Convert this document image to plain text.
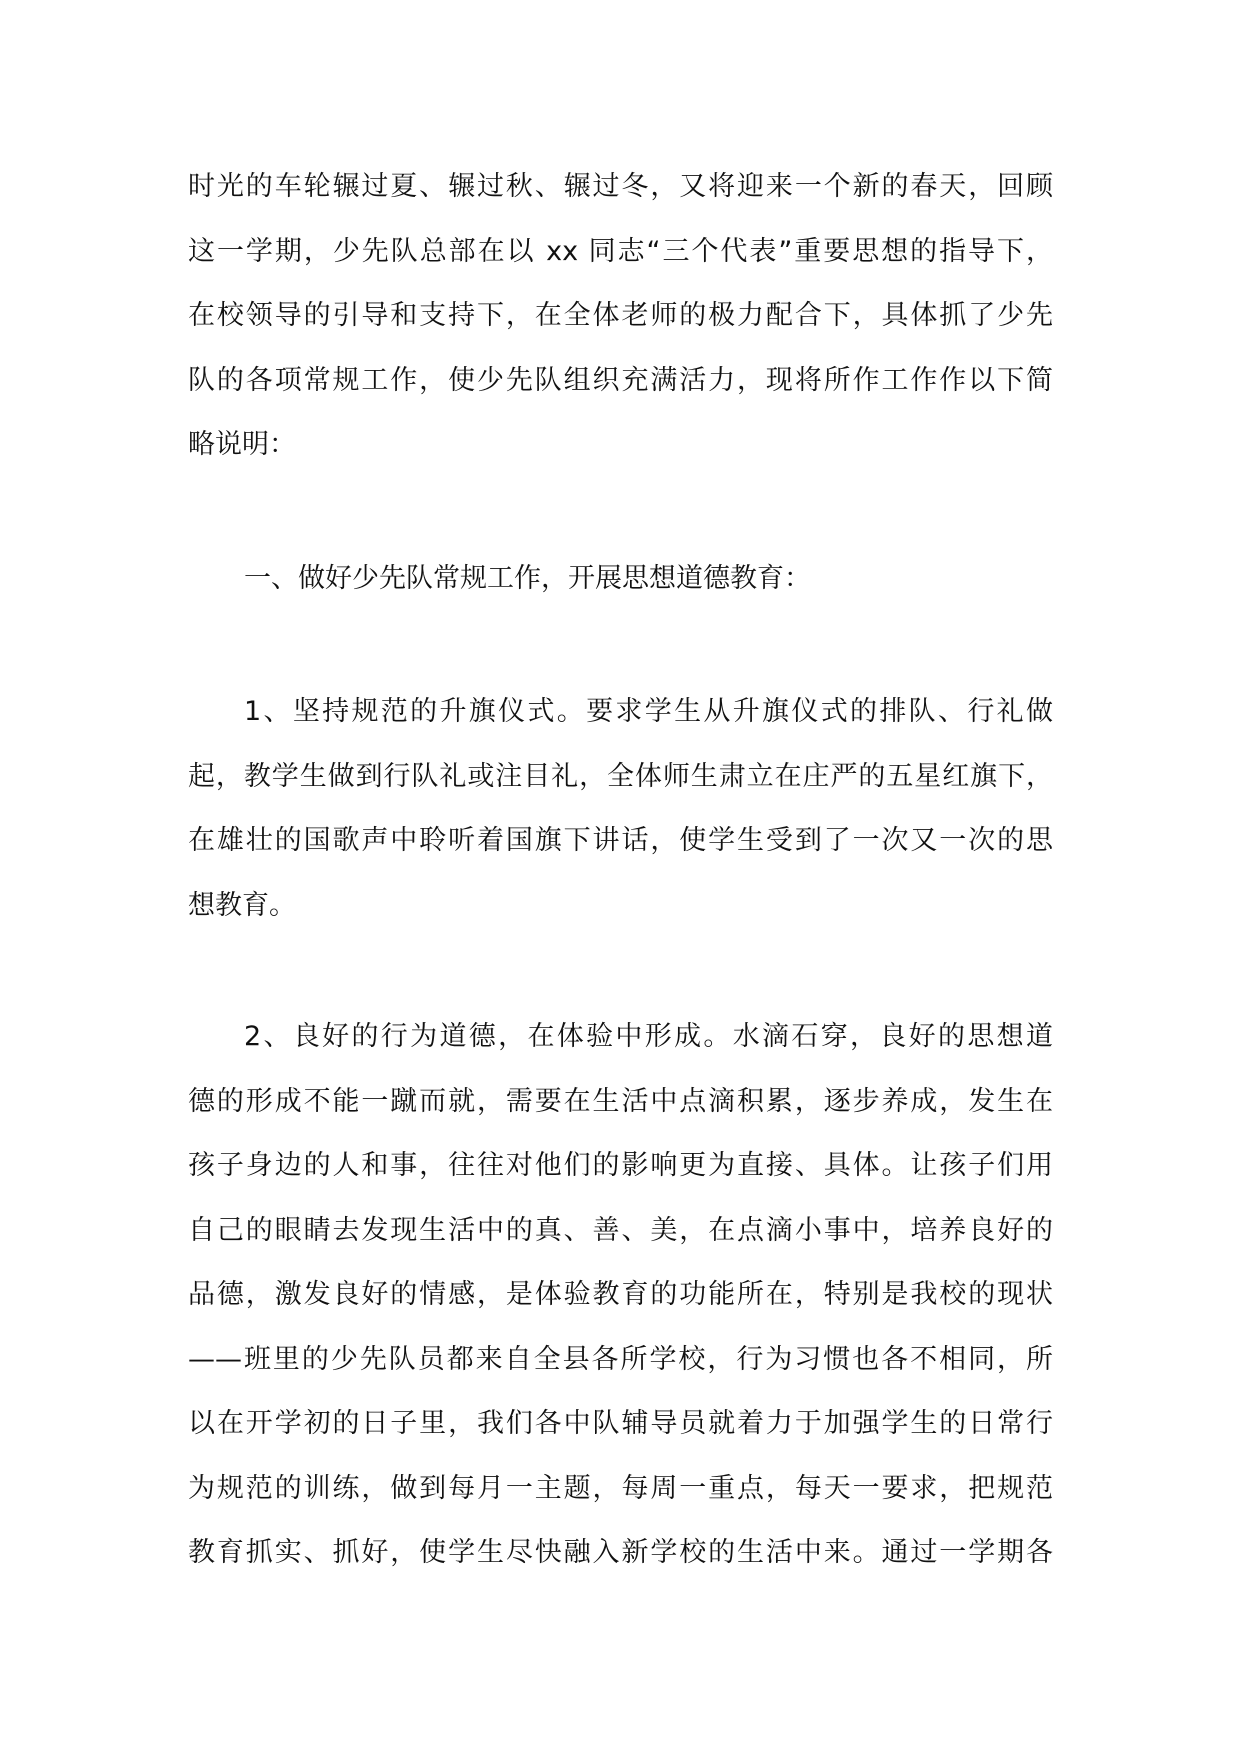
时光的车轮辗过夏、辗过秋、辗过冬，又将迎来一个新的春天，回顾
这一学期，少先队总部在以 xx 同志“三个代表”重要思想的指导下，
在校领导的引导和支持下，在全体老师的极力配合下，具体抓了少先
队的各项常规工作，使少先队组织充满活力，现将所作工作作以下简
略说明：
一、做好少先队常规工作，开展思想道德教育：
1、坚持规范的升旗仪式。要求学生从升旗仪式的排队、行礼做
起，教学生做到行队礼或注目礼，全体师生肃立在庄严的五星红旗下，
在雄壮的国歌声中聆听着国旗下讲话，使学生受到了一次又一次的思
想教育。
2、良好的行为道德，在体验中形成。水滴石穿，良好的思想道
德的形成不能一蹴而就，需要在生活中点滴积累，逐步养成，发生在
孩子身边的人和事，往往对他们的影响更为直接、具体。让孩子们用
自己的眼睛去发现生活中的真、善、美，在点滴小事中，培养良好的
品德，激发良好的情感，是体验教育的功能所在，特别是我校的现状
——班里的少先队员都来自全县各所学校，行为习惯也各不相同，所
以在开学初的日子里，我们各中队辅导员就着力于加强学生的日常行
为规范的训练，做到每月一主题，每周一重点，每天一要求，把规范
教育抓实、抓好，使学生尽快融入新学校的生活中来。通过一学期各
